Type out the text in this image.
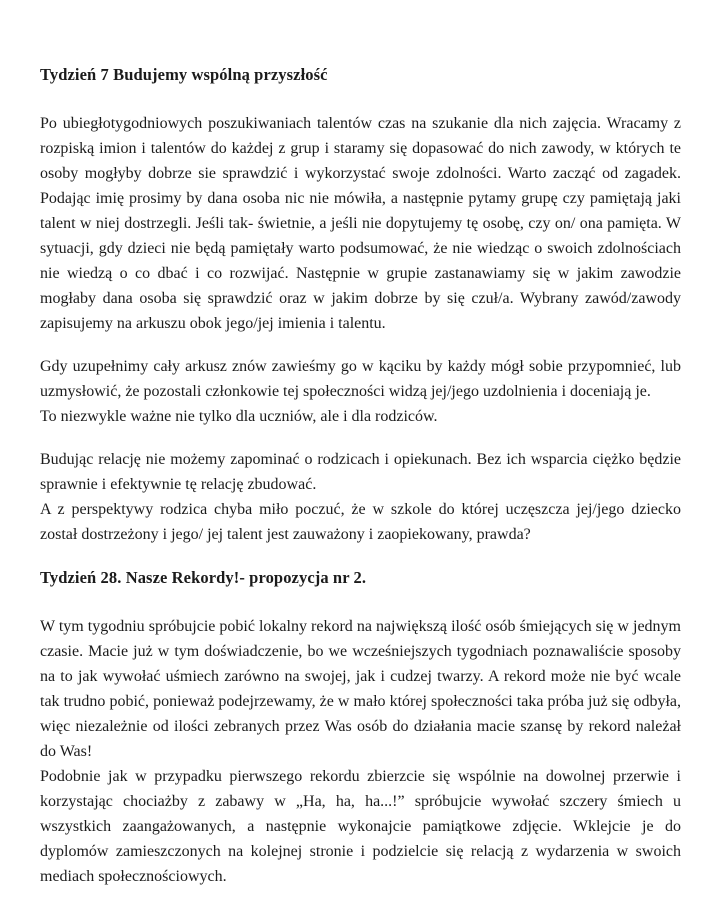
Tydzień 7 Budujemy wspólną przyszłość

Po ubiegłotygodniowych poszukiwaniach talentów czas na szukanie dla nich zajęcia. Wracamy z rozpiską imion i talentów do każdej z grup i staramy się dopasować do nich zawody, w których te osoby mogłyby dobrze sie sprawdzić i wykorzystać swoje zdolności. Warto zacząć od zagadek. Podając imię prosimy by dana osoba nic nie mówiła, a następnie pytamy grupę czy pamiętają jaki talent w niej dostrzegli. Jeśli tak- świetnie, a jeśli nie dopytujemy tę osobę, czy on/ ona pamięta. W sytuacji, gdy dzieci nie będą pamiętały warto podsumować, że nie wiedząc o swoich zdolnościach nie wiedzą o co dbać i co rozwijać. Następnie w grupie zastanawiamy się w jakim zawodzie mogłaby dana osoba się sprawdzić oraz w jakim dobrze by się czuł/a. Wybrany zawód/zawody zapisujemy na arkuszu obok jego/jej imienia i talentu.

Gdy uzupełnimy cały arkusz znów zawieśmy go w kąciku by każdy mógł sobie przypomnieć, lub uzmysłowić, że pozostali członkowie tej społeczności widzą jej/jego uzdolnienia i doceniają je.

To niezwykle ważne nie tylko dla uczniów, ale i dla rodziców.

Budując relację nie możemy zapominać o rodzicach i opiekunach. Bez ich wsparcia ciężko będzie sprawnie i efektywnie tę relację zbudować.

A z perspektywy rodzica chyba miło poczuć, że w szkole do której uczęszcza jej/jego dziecko został dostrzeżony i jego/ jej talent jest zauważony i zaopiekowany, prawda?

Tydzień 28. Nasze Rekordy!- propozycja nr 2.

W tym tygodniu spróbujcie pobić lokalny rekord na największą ilość osób śmiejących się w jednym czasie. Macie już w tym doświadczenie, bo we wcześniejszych tygodniach poznawaliście sposoby na to jak wywołać uśmiech zarówno na swojej, jak i cudzej twarzy. A rekord może nie być wcale tak trudno pobić, ponieważ podejrzewamy, że w mało której społeczności taka próba już się odbyła, więc niezależnie od ilości zebranych przez Was osób do działania macie szansę by rekord należał do Was!

Podobnie jak w przypadku pierwszego rekordu zbierzcie się wspólnie na dowolnej przerwie i korzystając chociażby z zabawy w „Ha, ha, ha...!” spróbujcie wywołać szczery śmiech u wszystkich zaangażowanych, a następnie wykonajcie pamiątkowe zdjęcie. Wklejcie je do dyplomów zamieszczonych na kolejnej stronie i podzielcie się relacją z wydarzenia w swoich mediach społecznościowych.
